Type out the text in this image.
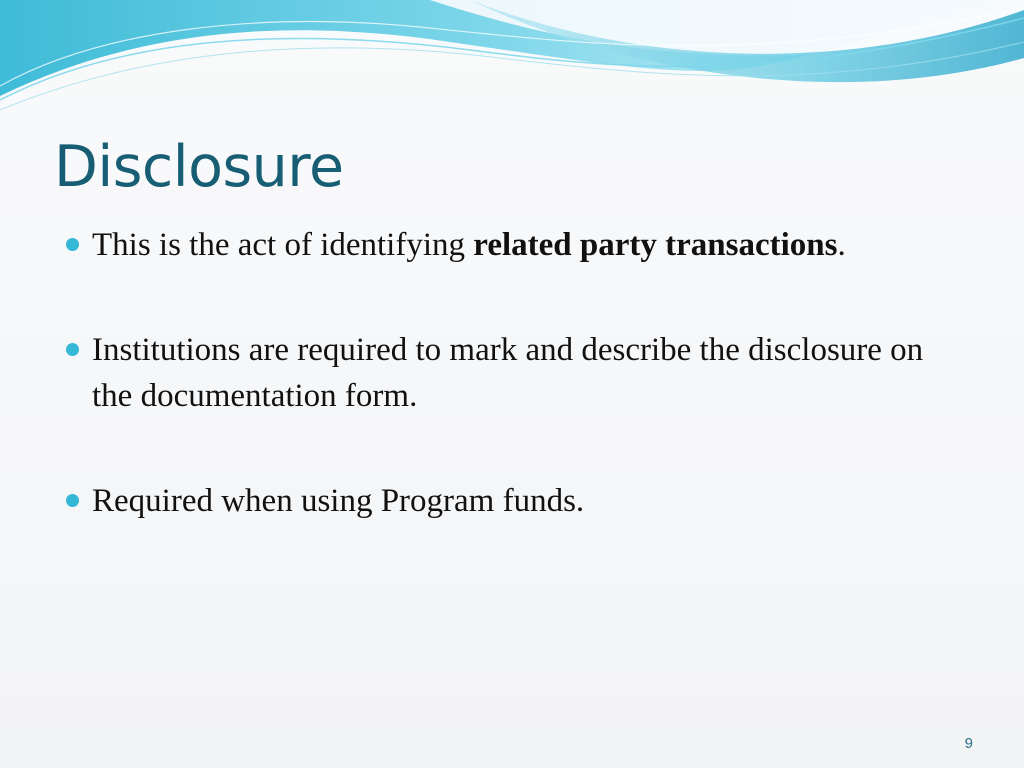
Disclosure
This is the act of identifying related party transactions.
Institutions are required to mark and describe the disclosure on the documentation form.
Required when using Program funds.
9
